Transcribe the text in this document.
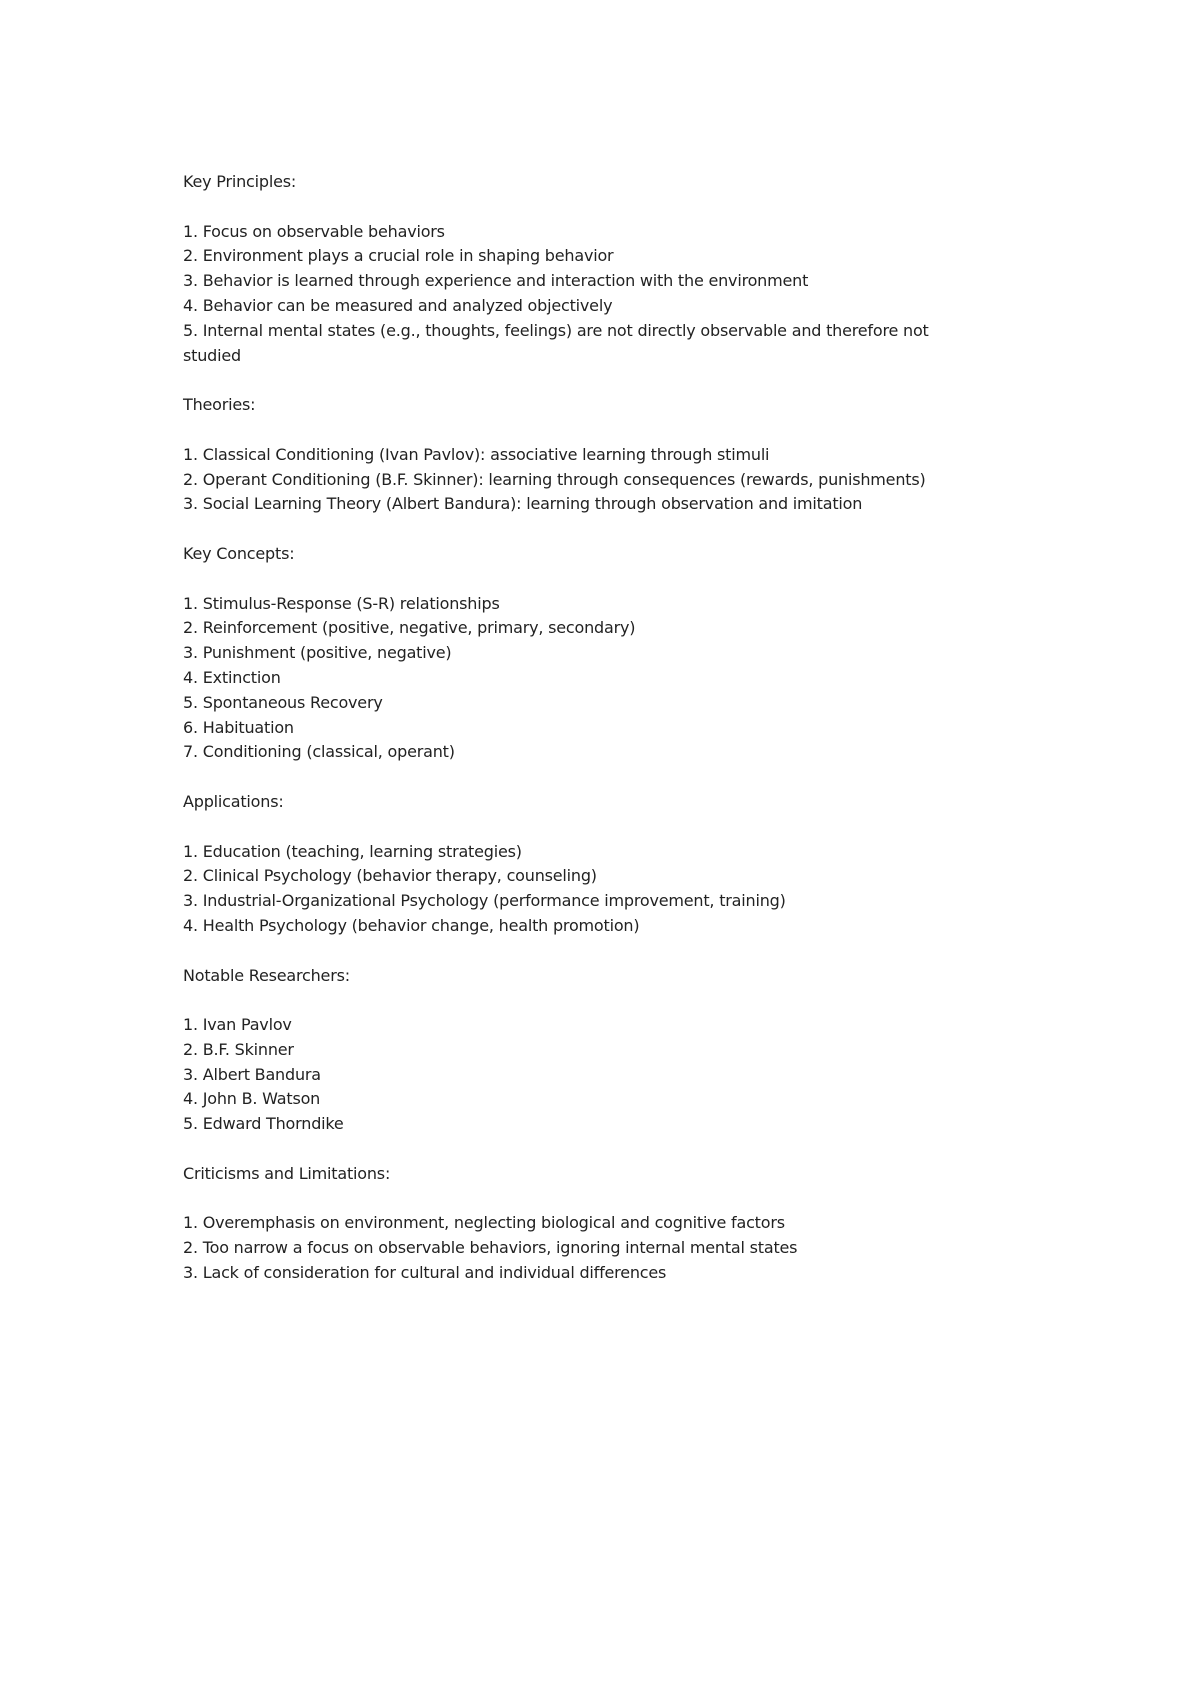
Key Principles:
1. Focus on observable behaviors
2. Environment plays a crucial role in shaping behavior
3. Behavior is learned through experience and interaction with the environment
4. Behavior can be measured and analyzed objectively
5. Internal mental states (e.g., thoughts, feelings) are not directly observable and therefore not studied
Theories:
1. Classical Conditioning (Ivan Pavlov): associative learning through stimuli
2. Operant Conditioning (B.F. Skinner): learning through consequences (rewards, punishments)
3. Social Learning Theory (Albert Bandura): learning through observation and imitation
Key Concepts:
1. Stimulus-Response (S-R) relationships
2. Reinforcement (positive, negative, primary, secondary)
3. Punishment (positive, negative)
4. Extinction
5. Spontaneous Recovery
6. Habituation
7. Conditioning (classical, operant)
Applications:
1. Education (teaching, learning strategies)
2. Clinical Psychology (behavior therapy, counseling)
3. Industrial-Organizational Psychology (performance improvement, training)
4. Health Psychology (behavior change, health promotion)
Notable Researchers:
1. Ivan Pavlov
2. B.F. Skinner
3. Albert Bandura
4. John B. Watson
5. Edward Thorndike
Criticisms and Limitations:
1. Overemphasis on environment, neglecting biological and cognitive factors
2. Too narrow a focus on observable behaviors, ignoring internal mental states
3. Lack of consideration for cultural and individual differences
